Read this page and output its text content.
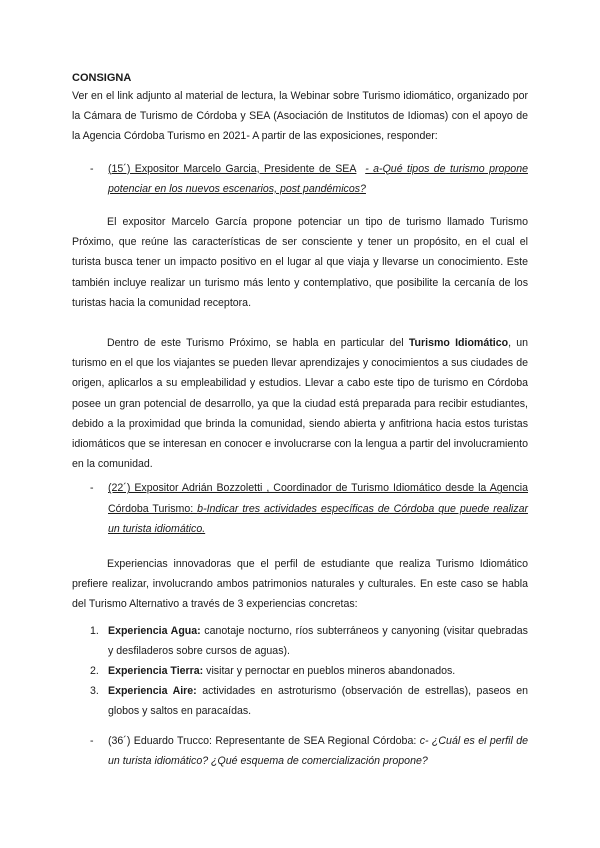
CONSIGNA

Ver en el link adjunto al material de lectura, la Webinar sobre Turismo idiomático, organizado por la Cámara de Turismo de Córdoba y SEA (Asociación de Institutos de Idiomas) con el apoyo de la Agencia Córdoba Turismo en 2021- A partir de las exposiciones, responder:

- (15´) Expositor Marcelo Garcia, Presidente de SEA - a-Qué tipos de turismo propone potenciar en los nuevos escenarios, post pandémicos?

El expositor Marcelo García propone potenciar un tipo de turismo llamado Turismo Próximo, que reúne las características de ser consciente y tener un propósito, en el cual el turista busca tener un impacto positivo en el lugar al que viaja y llevarse un conocimiento. Este también incluye realizar un turismo más lento y contemplativo, que posibilite la cercanía de los turistas hacia la comunidad receptora.

Dentro de este Turismo Próximo, se habla en particular del Turismo Idiomático, un turismo en el que los viajantes se pueden llevar aprendizajes y conocimientos a sus ciudades de origen, aplicarlos a su empleabilidad y estudios. Llevar a cabo este tipo de turismo en Córdoba posee un gran potencial de desarrollo, ya que la ciudad está preparada para recibir estudiantes, debido a la proximidad que brinda la comunidad, siendo abierta y anfitriona hacia estos turistas idiomáticos que se interesan en conocer e involucrarse con la lengua a partir del involucramiento en la comunidad.

- (22´) Expositor Adrián Bozzoletti , Coordinador de Turismo Idiomático desde la Agencia Córdoba Turismo: b-Indicar tres actividades específicas de Córdoba que puede realizar un turista idiomático.

Experiencias innovadoras que el perfil de estudiante que realiza Turismo Idiomático prefiere realizar, involucrando ambos patrimonios naturales y culturales. En este caso se habla del Turismo Alternativo a través de 3 experiencias concretas:

1. Experiencia Agua: canotaje nocturno, ríos subterráneos y canyoning (visitar quebradas y desfiladeros sobre cursos de aguas).
2. Experiencia Tierra: visitar y pernoctar en pueblos mineros abandonados.
3. Experiencia Aire: actividades en astroturismo (observación de estrellas), paseos en globos y saltos en paracaídas.
- (36´) Eduardo Trucco: Representante de SEA Regional Córdoba: c- ¿Cuál es el perfil de un turista idiomático? ¿Qué esquema de comercialización propone?
